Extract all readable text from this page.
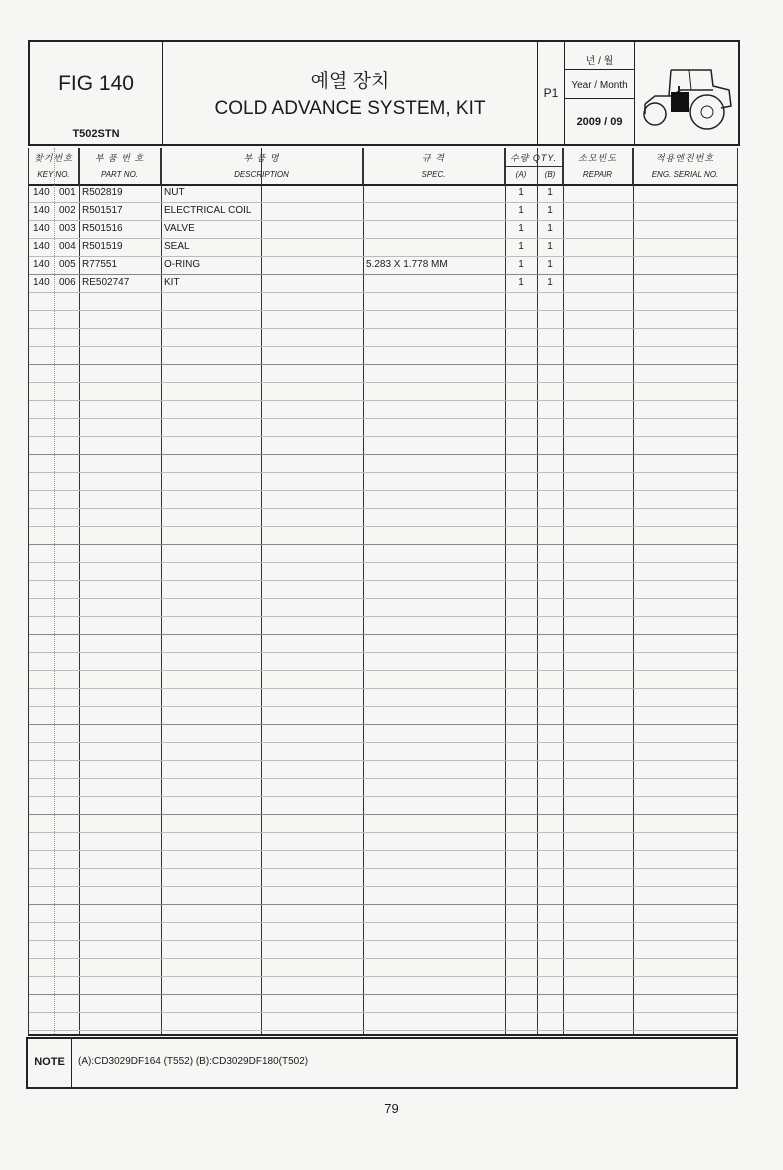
FIG 140
T502STN
예열 장치
COLD ADVANCE SYSTEM, KIT
P1
년 / 월
Year / Month
2009 / 09
찾기번호
KEY NO.
부 품 번 호
PART NO.
부 품 명
DESCRIPTION
규 격
SPEC.
수량 QTY.
(A)	(B)
소모빈도
REPAIR
적용엔진번호
ENG. SERIAL NO.
140 001 R502819	NUT	1	1
140 002 R501517	ELECTRICAL COIL	1	1
140 003 R501516	VALVE	1	1
140 004 R501519	SEAL	1	1
140 005 R77551	O-RING	5.283 X 1.778 MM	1	1
140 006 RE502747	KIT	1	1
NOTE	(A):CD3029DF164 (T552) (B):CD3029DF180(T502)
79
